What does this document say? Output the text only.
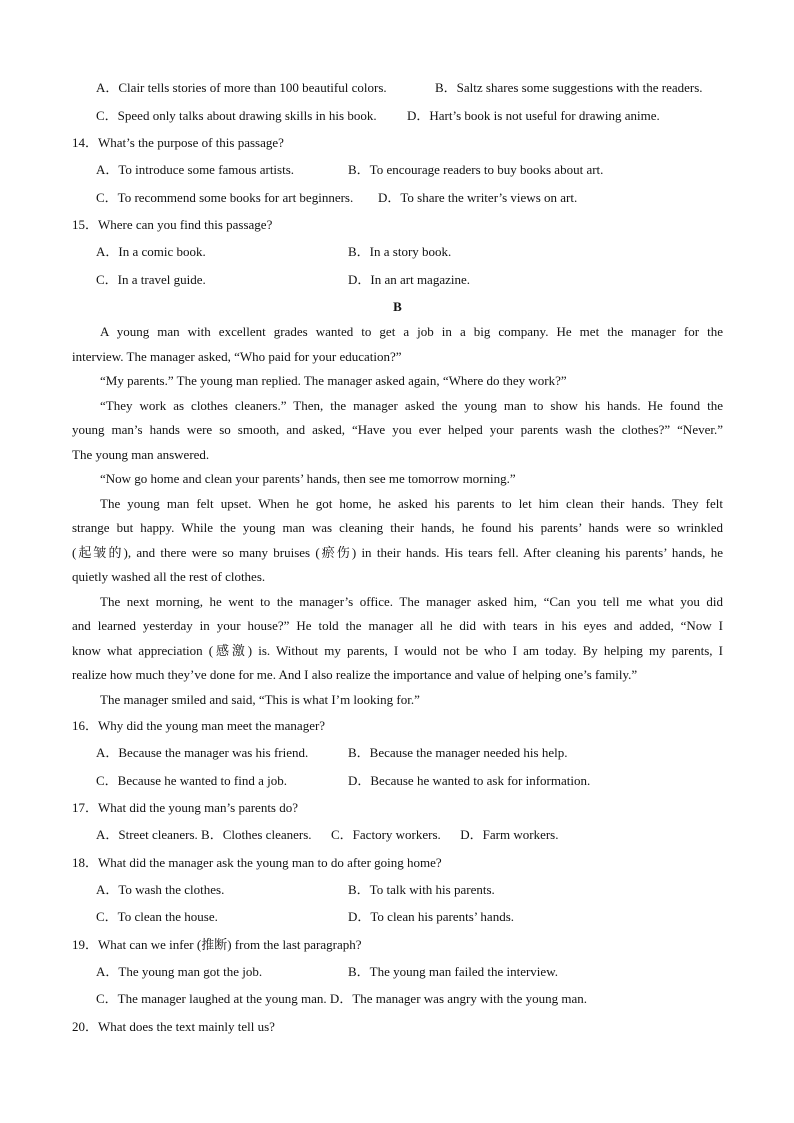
A．Clair tells stories of more than 100 beautiful colors.	B．Saltz shares some suggestions with the readers.
C．Speed only talks about drawing skills in his book. D．Hart’s book is not useful for drawing anime.
14．What’s the purpose of this passage?
A．To introduce some famous artists.	B．To encourage readers to buy books about art.
C．To recommend some books for art beginners. D．To share the writer’s views on art.
15．Where can you find this passage?
A．In a comic book.	B．In a story book.
C．In a travel guide.	D．In an art magazine.
B
A young man with excellent grades wanted to get a job in a big company. He met the manager for the
interview. The manager asked, “Who paid for your education?”
“My parents.” The young man replied. The manager asked again, “Where do they work?”
“They work as clothes cleaners.” Then, the manager asked the young man to show his hands. He found the
young man’s hands were so smooth, and asked, “Have you ever helped your parents wash the clothes?” “Never.”
The young man answered.
“Now go home and clean your parents’ hands, then see me tomorrow morning.”
The young man felt upset. When he got home, he asked his parents to let him clean their hands. They felt
strange but happy. While the young man was cleaning their hands, he found his parents’ hands were so wrinkled
(起皱的), and there were so many bruises (瘀伤) in their hands. His tears fell. After cleaning his parents’ hands, he
quietly washed all the rest of clothes.
The next morning, he went to the manager’s office. The manager asked him, “Can you tell me what you did
and learned yesterday in your house?” He told the manager all he did with tears in his eyes and added, “Now I
know what appreciation (感激) is. Without my parents, I would not be who I am today. By helping my parents, I
realize how much they’ve done for me. And I also realize the importance and value of helping one’s family.”
The manager smiled and said, “This is what I’m looking for.”
16．Why did the young man meet the manager?
A．Because the manager was his friend.	B．Because the manager needed his help.
C．Because he wanted to find a job.	D．Because he wanted to ask for information.
17．What did the young man’s parents do?
A．Street cleaners. B．Clothes cleaners.      C．Factory workers.      D．Farm workers.
18．What did the manager ask the young man to do after going home?
A．To wash the clothes.	B．To talk with his parents.
C．To clean the house.	D．To clean his parents’ hands.
19．What can we infer (推断) from the last paragraph?
A．The young man got the job.	B．The young man failed the interview.
C．The manager laughed at the young man. D．The manager was angry with the young man.
20．What does the text mainly tell us?
